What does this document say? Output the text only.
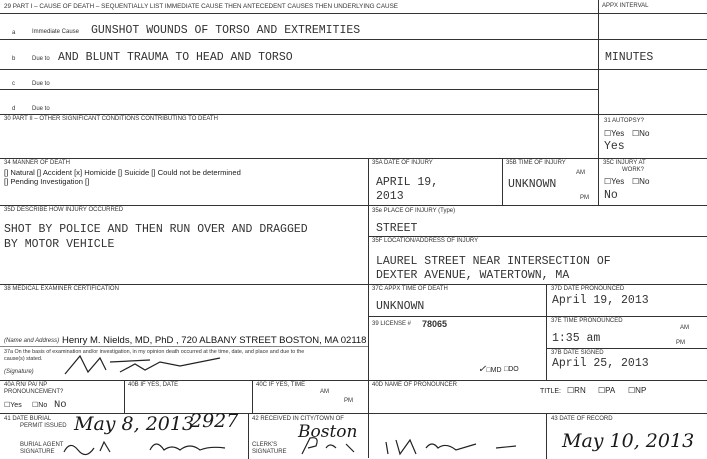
29 PART I – CAUSE OF DEATH – SEQUENTIALLY LIST IMMEDIATE CAUSE THEN ANTECEDENT CAUSES THEN UNDERLYING CAUSE	APPX INTERVAL
a	Immediate Cause GUNSHOT WOUNDS OF TORSO AND EXTREMITIES
b	Due to AND BLUNT TRAUMA TO HEAD AND TORSO	MINUTES
c	Due to
d	Due to
30 PART II – OTHER SIGNIFICANT CONDITIONS CONTRIBUTING TO DEATH	31 AUTOPSY?
☐Yes ☐No
Yes
34 MANNER OF DEATH
[] Natural [] Accident [x] Homicide [] Suicide [] Could not be determined
[] Pending Investigation []
35A DATE OF INJURY
APRIL 19,
2013
35B TIME OF INJURY
AM
UNKNOWN
PM
35C INJURY AT
WORK?
☐Yes ☐No
No
35D DESCRIBE HOW INJURY OCCURRED
SHOT BY POLICE AND THEN RUN OVER AND DRAGGED
BY MOTOR VEHICLE
35e PLACE OF INJURY (Type)
STREET
35F LOCATION/ADDRESS OF INJURY
LAUREL STREET NEAR INTERSECTION OF
DEXTER AVENUE, WATERTOWN, MA
38 MEDICAL EXAMINER CERTIFICATION	37C APPX TIME OF DEATH
UNKNOWN
37D DATE PRONOUNCED
April 19, 2013
39 LICENSE # 78065	37E TIME PRONOUNCED
AM
1:35 am	PM
(Name and Address) Henry M. Nields, MD, PhD , 720 ALBANY STREET BOSTON, MA 02118
37a On the basis of examination and/or investigation, in my opinion death occurred at the time, date, and place and due to the
cause(s) stated.
(Signature)	✓□MD □DO
37B DATE SIGNED
April 25, 2013
40A RN/ PA/ NP
PRONOUNCEMENT?
☐Yes ☐No No
40B IF YES, DATE	40C IF YES, TIME
AM
PM
40D NAME OF PRONOUNCER
TITLE: ☐RN ☐PA ☐NP
41 DATE BURIAL
PERMIT ISSUED May 8, 2013
2927
BURIAL AGENT
SIGNATURE
42 RECEIVED IN CITY/TOWN OF
Boston
CLERK'S
SIGNATURE
43 DATE OF RECORD
May 10, 2013
